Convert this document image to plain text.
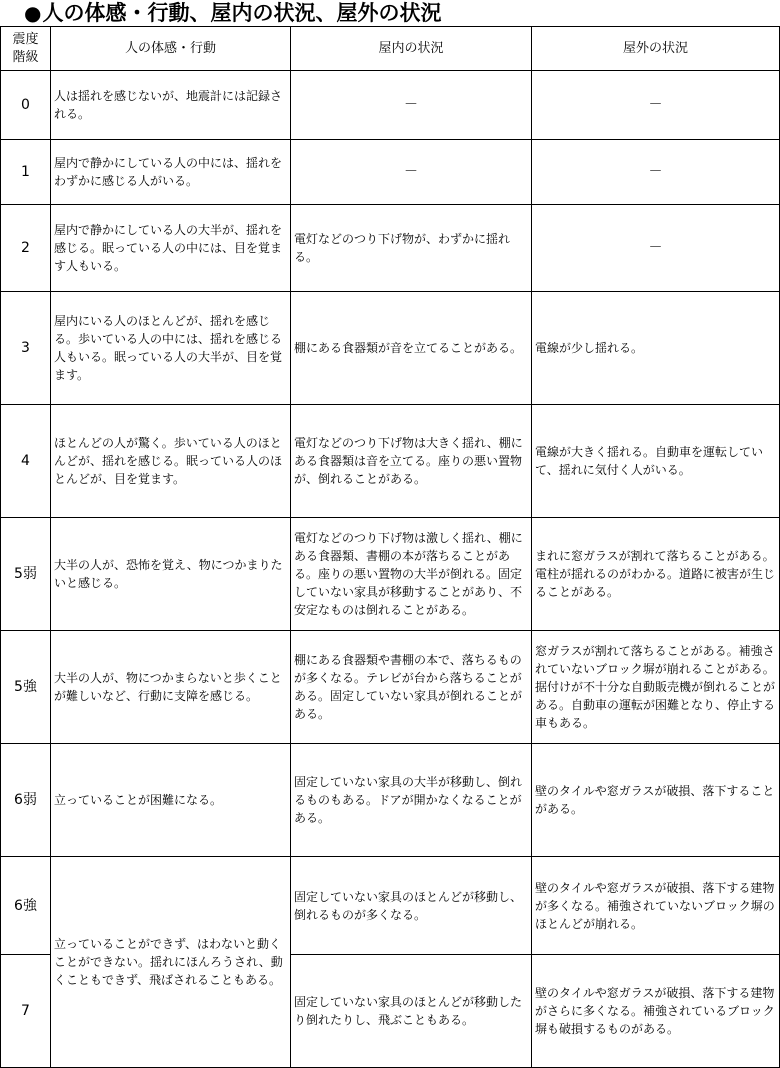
●人の体感・行動、屋内の状況、屋外の状況
震度
階級	人の体感・行動	屋内の状況	屋外の状況
0	人は揺れを感じないが、地震計には記録される。	－	－
1	屋内で静かにしている人の中には、揺れをわずかに感じる人がいる。	－	－
2	屋内で静かにしている人の大半が、揺れを感じる。眠っている人の中には、目を覚ます人もいる。	電灯などのつり下げ物が、わずかに揺れる。	－
3	屋内にいる人のほとんどが、揺れを感じる。歩いている人の中には、揺れを感じる人もいる。眠っている人の大半が、目を覚ます。	棚にある食器類が音を立てることがある。	電線が少し揺れる。
4	ほとんどの人が驚く。歩いている人のほとんどが、揺れを感じる。眠っている人のほとんどが、目を覚ます。	電灯などのつり下げ物は大きく揺れ、棚にある食器類は音を立てる。座りの悪い置物が、倒れることがある。	電線が大きく揺れる。自動車を運転していて、揺れに気付く人がいる。
5弱	大半の人が、恐怖を覚え、物につかまりたいと感じる。	電灯などのつり下げ物は激しく揺れ、棚にある食器類、書棚の本が落ちることがある。座りの悪い置物の大半が倒れる。固定していない家具が移動することがあり、不安定なものは倒れることがある。	まれに窓ガラスが割れて落ちることがある。電柱が揺れるのがわかる。道路に被害が生じることがある。
5強	大半の人が、物につかまらないと歩くことが難しいなど、行動に支障を感じる。	棚にある食器類や書棚の本で、落ちるものが多くなる。テレビが台から落ちることがある。固定していない家具が倒れることがある。	窓ガラスが割れて落ちることがある。補強されていないブロック塀が崩れることがある。据付けが不十分な自動販売機が倒れることがある。自動車の運転が困難となり、停止する車もある。
6弱	立っていることが困難になる。	固定していない家具の大半が移動し、倒れるものもある。ドアが開かなくなることがある。	壁のタイルや窓ガラスが破損、落下することがある。
6強	立っていることができず、はわないと動くことができない。揺れにほんろうされ、動くこともできず、飛ばされることもある。	固定していない家具のほとんどが移動し、倒れるものが多くなる。	壁のタイルや窓ガラスが破損、落下する建物が多くなる。補強されていないブロック塀のほとんどが崩れる。
7		固定していない家具のほとんどが移動したり倒れたりし、飛ぶこともある。	壁のタイルや窓ガラスが破損、落下する建物がさらに多くなる。補強されているブロック塀も破損するものがある。
